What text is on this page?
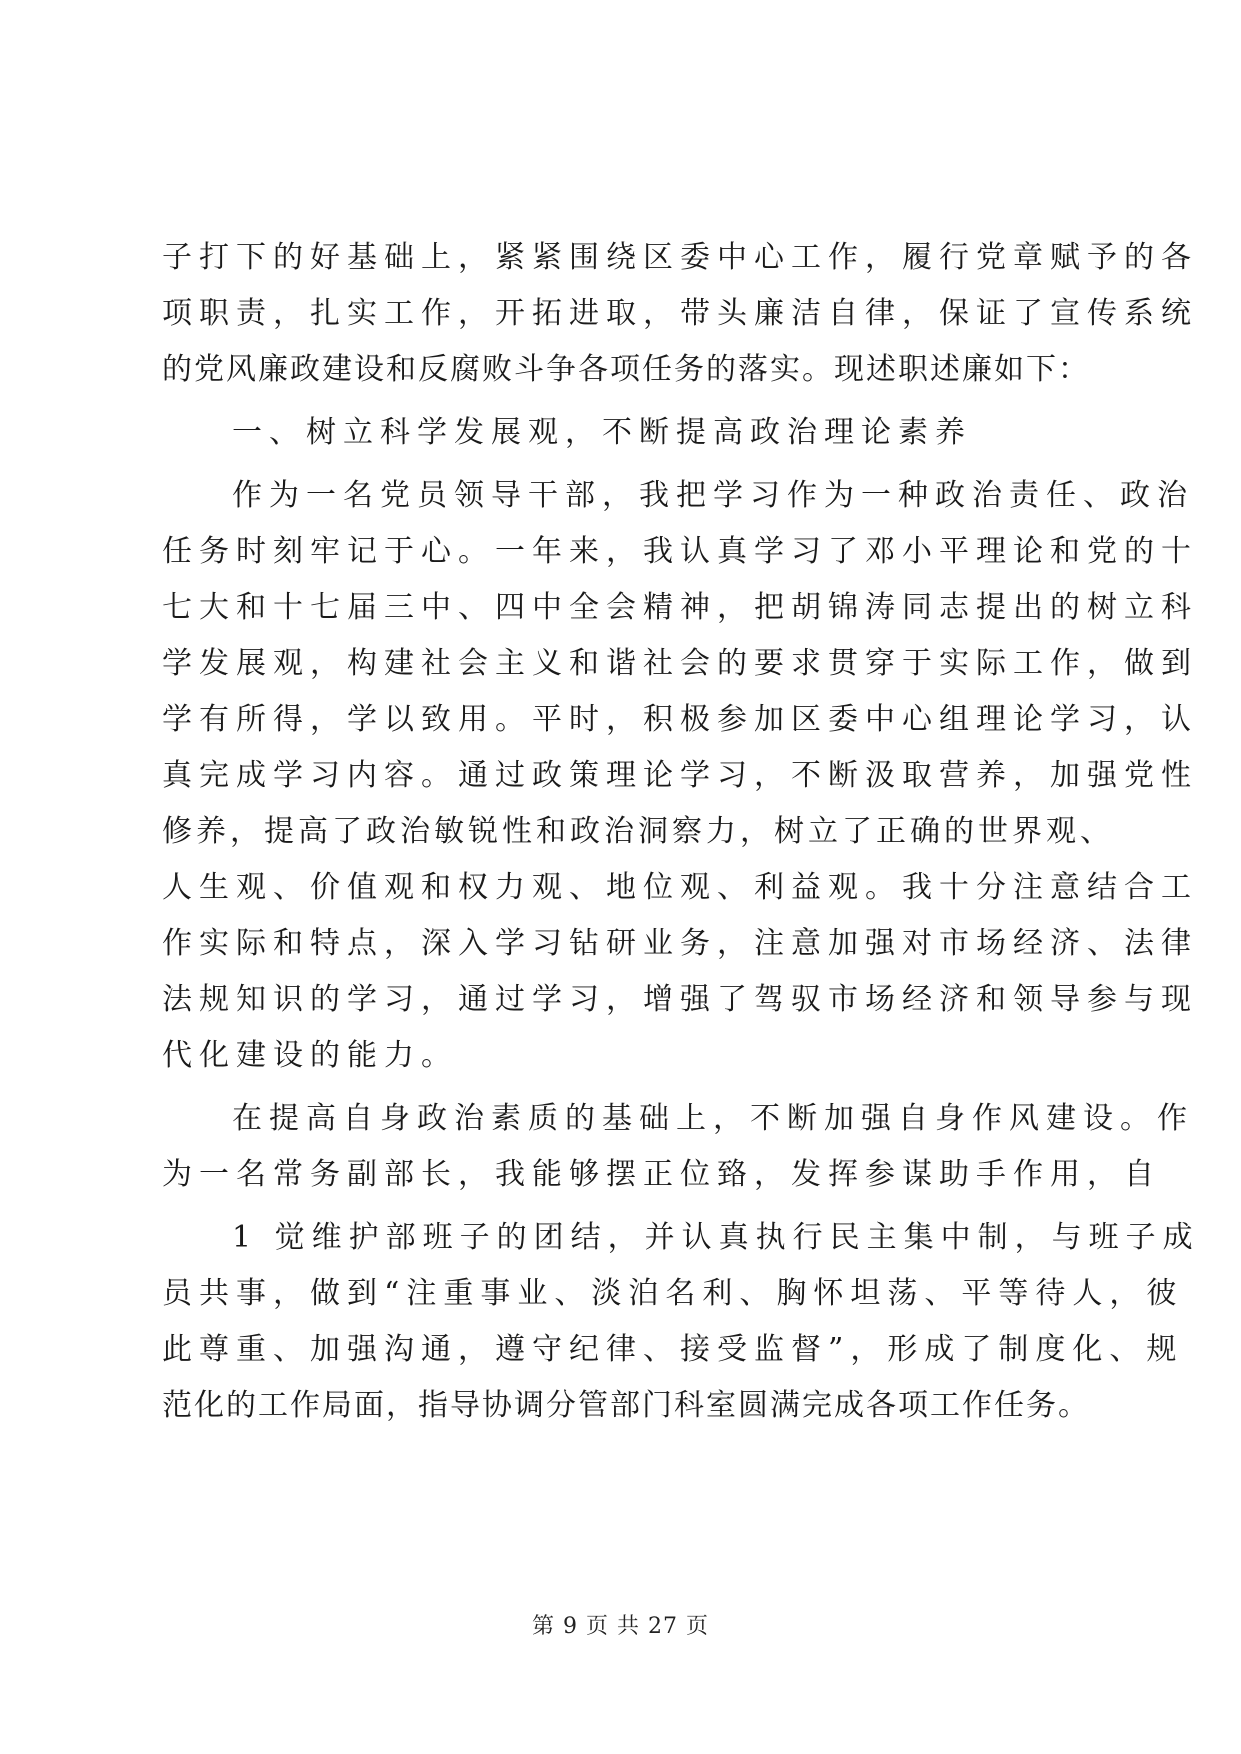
子打下的好基础上，紧紧围绕区委中心工作，履行党章赋予的各
项职责，扎实工作，开拓进取，带头廉洁自律，保证了宣传系统
的党风廉政建设和反腐败斗争各项任务的落实。现述职述廉如下：
一、树立科学发展观，不断提高政治理论素养
作为一名党员领导干部，我把学习作为一种政治责任、政治
任务时刻牢记于心。一年来，我认真学习了邓小平理论和党的十
七大和十七届三中、四中全会精神，把胡锦涛同志提出的树立科
学发展观，构建社会主义和谐社会的要求贯穿于实际工作，做到
学有所得，学以致用。平时，积极参加区委中心组理论学习，认
真完成学习内容。通过政策理论学习，不断汲取营养，加强党性
修养，提高了政治敏锐性和政治洞察力，树立了正确的世界观、
人生观、价值观和权力观、地位观、利益观。我十分注意结合工
作实际和特点，深入学习钻研业务，注意加强对市场经济、法律
法规知识的学习，通过学习，增强了驾驭市场经济和领导参与现
代化建设的能力。
在提高自身政治素质的基础上，不断加强自身作风建设。作
为一名常务副部长，我能够摆正位臵，发挥参谋助手作用，自
1 觉维护部班子的团结，并认真执行民主集中制，与班子成
员共事，做到“注重事业、淡泊名利、胸怀坦荡、平等待人，彼
此尊重、加强沟通，遵守纪律、接受监督”，形成了制度化、规
范化的工作局面，指导协调分管部门科室圆满完成各项工作任务。
第 9 页 共 27 页
